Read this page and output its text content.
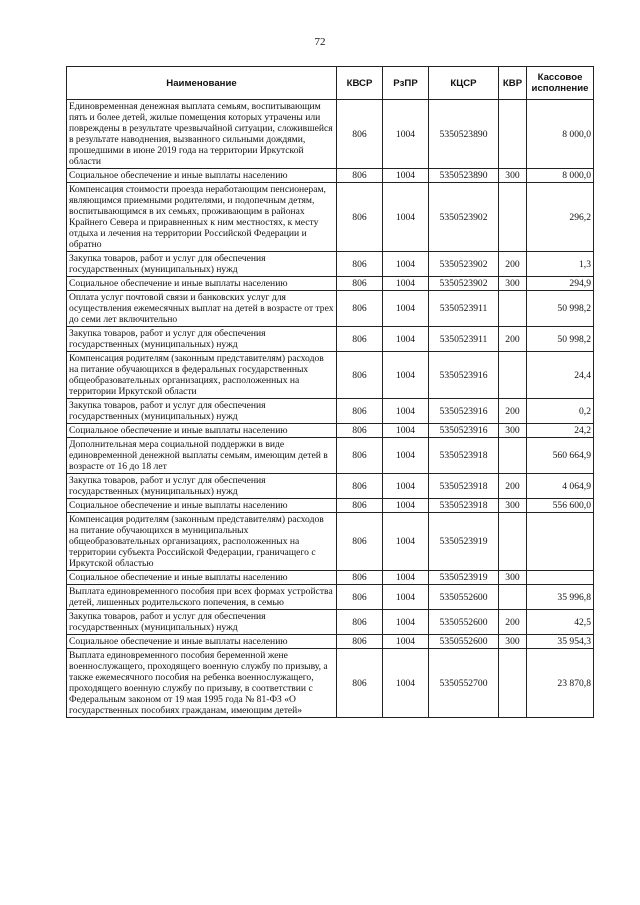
72
Наименование	КВСР	РзПР	КЦСР	КВР	Кассовое исполнение
Единовременная денежная выплата семьям, воспитывающим пять и более детей, жилые помещения которых утрачены или повреждены в результате чрезвычайной ситуации, сложившейся в результате наводнения, вызванного сильными дождями, прошедшими в июне 2019 года на территории Иркутской области	806	1004	5350523890		8 000,0
Социальное обеспечение и иные выплаты населению	806	1004	5350523890	300	8 000,0
Компенсация стоимости проезда неработающим пенсионерам, являющимся приемными родителями, и подопечным детям, воспитывающимся в их семьях, проживающим в районах Крайнего Севера и приравненных к ним местностях, к месту отдыха и лечения на территории Российской Федерации и обратно	806	1004	5350523902		296,2
Закупка товаров, работ и услуг для обеспечения государственных (муниципальных) нужд	806	1004	5350523902	200	1,3
Социальное обеспечение и иные выплаты населению	806	1004	5350523902	300	294,9
Оплата услуг почтовой связи и банковских услуг для осуществления ежемесячных выплат на детей в возрасте от трех до семи лет включительно	806	1004	5350523911		50 998,2
Закупка товаров, работ и услуг для обеспечения государственных (муниципальных) нужд	806	1004	5350523911	200	50 998,2
Компенсация родителям (законным представителям) расходов на питание обучающихся в федеральных государственных общеобразовательных организациях, расположенных на территории Иркутской области	806	1004	5350523916		24,4
Закупка товаров, работ и услуг для обеспечения государственных (муниципальных) нужд	806	1004	5350523916	200	0,2
Социальное обеспечение и иные выплаты населению	806	1004	5350523916	300	24,2
Дополнительная мера социальной поддержки в виде единовременной денежной выплаты семьям, имеющим детей в возрасте от 16 до 18 лет	806	1004	5350523918		560 664,9
Закупка товаров, работ и услуг для обеспечения государственных (муниципальных) нужд	806	1004	5350523918	200	4 064,9
Социальное обеспечение и иные выплаты населению	806	1004	5350523918	300	556 600,0
Компенсация родителям (законным представителям) расходов на питание обучающихся в муниципальных общеобразовательных организациях, расположенных на территории субъекта Российской Федерации, граничащего с Иркутской областью	806	1004	5350523919		
Социальное обеспечение и иные выплаты населению	806	1004	5350523919	300	
Выплата единовременного пособия при всех формах устройства детей, лишенных родительского попечения, в семью	806	1004	5350552600		35 996,8
Закупка товаров, работ и услуг для обеспечения государственных (муниципальных) нужд	806	1004	5350552600	200	42,5
Социальное обеспечение и иные выплаты населению	806	1004	5350552600	300	35 954,3
Выплата единовременного пособия беременной жене военнослужащего, проходящего военную службу по призыву, а также ежемесячного пособия на ребенка военнослужащего, проходящего военную службу по призыву, в соответствии с Федеральным законом от 19 мая 1995 года № 81-ФЗ «О государственных пособиях гражданам, имеющим детей»	806	1004	5350552700		23 870,8
